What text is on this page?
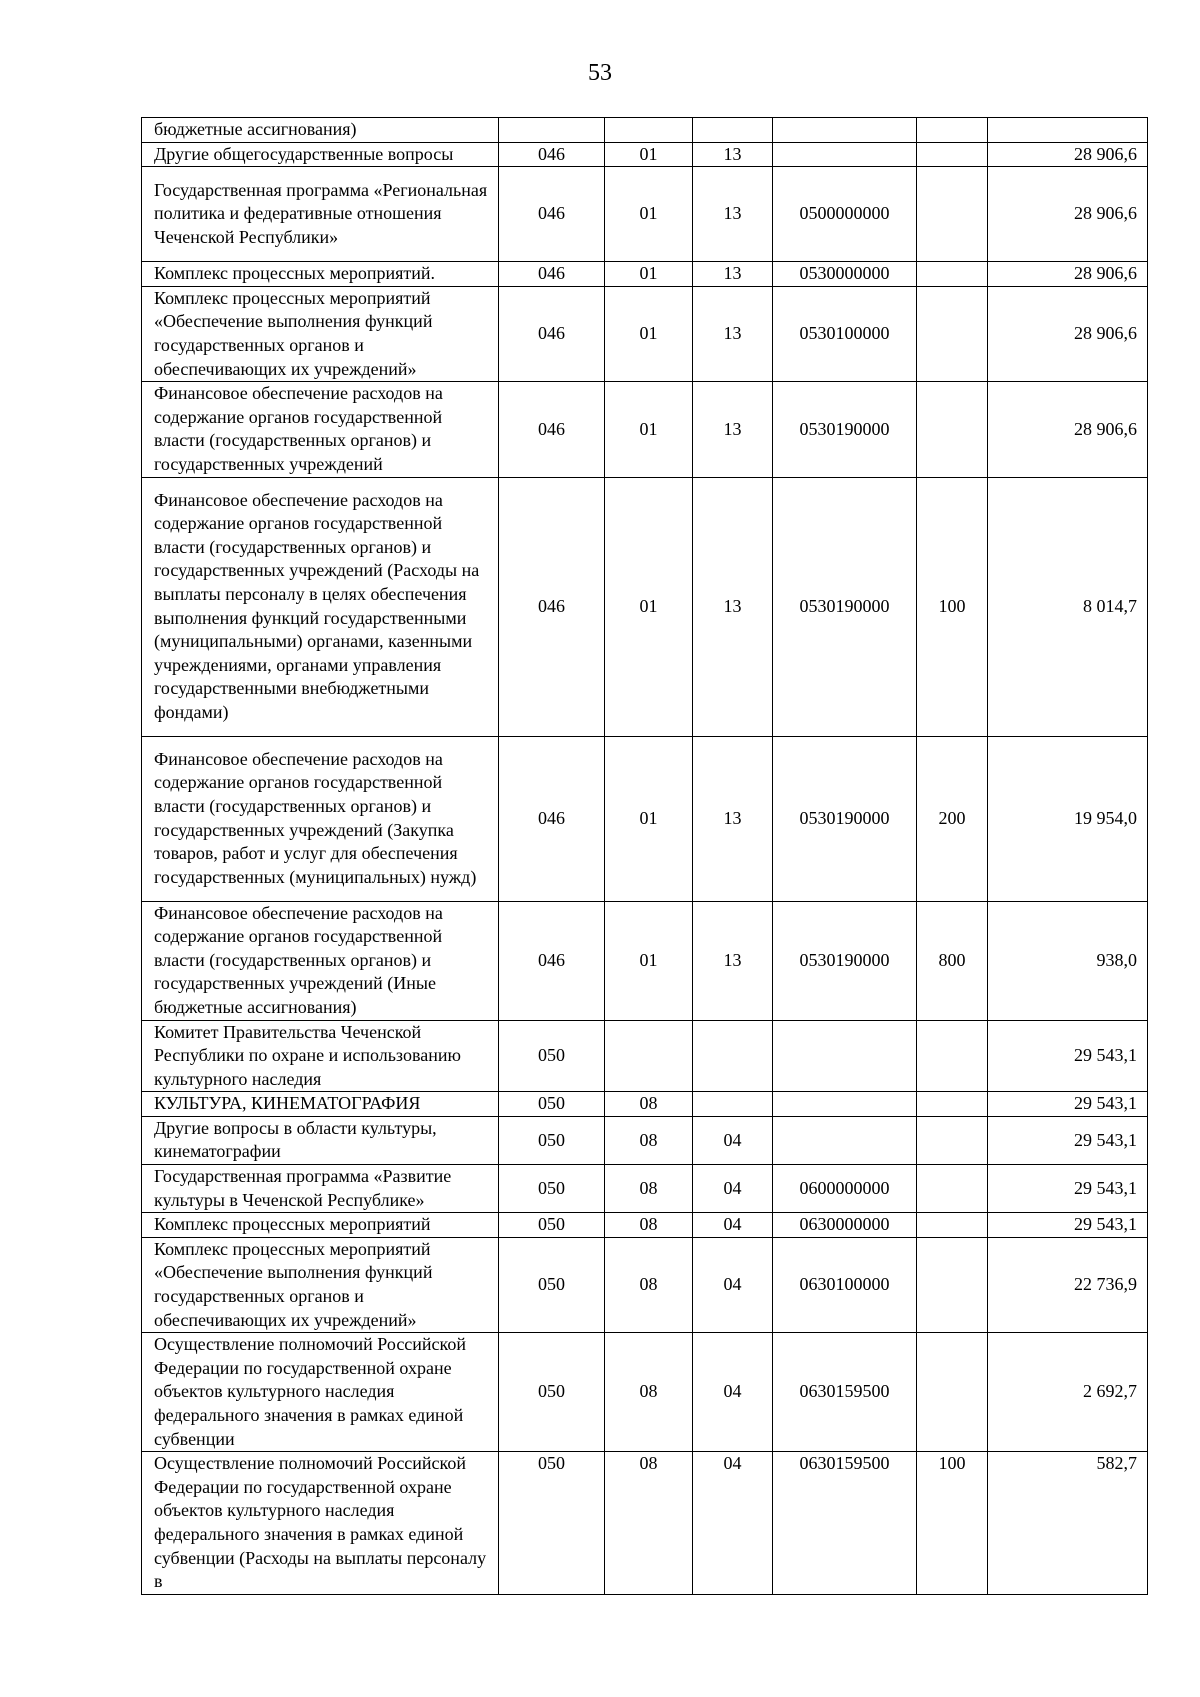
53
бюджетные ассигнования)						
Другие общегосударственные вопросы	046	01	13			28 906,6
Государственная программа «Региональная политика и федеративные отношения Чеченской Республики»	046	01	13	0500000000		28 906,6
Комплекс процессных мероприятий.	046	01	13	0530000000		28 906,6
Комплекс процессных мероприятий «Обеспечение выполнения функций государственных органов и обеспечивающих их учреждений»	046	01	13	0530100000		28 906,6
Финансовое обеспечение расходов на содержание органов государственной власти (государственных органов) и государственных учреждений	046	01	13	0530190000		28 906,6
Финансовое обеспечение расходов на содержание органов государственной власти (государственных органов) и государственных учреждений (Расходы на выплаты персоналу в целях обеспечения выполнения функций государственными (муниципальными) органами, казенными учреждениями, органами управления государственными внебюджетными фондами)	046	01	13	0530190000	100	8 014,7
Финансовое обеспечение расходов на содержание органов государственной власти (государственных органов) и государственных учреждений (Закупка товаров, работ и услуг для обеспечения государственных (муниципальных) нужд)	046	01	13	0530190000	200	19 954,0
Финансовое обеспечение расходов на содержание органов государственной власти (государственных органов) и государственных учреждений (Иные бюджетные ассигнования)	046	01	13	0530190000	800	938,0
Комитет Правительства Чеченской Республики по охране и использованию культурного наследия	050					29 543,1
КУЛЬТУРА, КИНЕМАТОГРАФИЯ	050	08				29 543,1
Другие вопросы в области культуры, кинематографии	050	08	04			29 543,1
Государственная программа «Развитие культуры в Чеченской Республике»	050	08	04	0600000000		29 543,1
Комплекс процессных мероприятий	050	08	04	0630000000		29 543,1
Комплекс процессных мероприятий «Обеспечение выполнения функций государственных органов и обеспечивающих их учреждений»	050	08	04	0630100000		22 736,9
Осуществление полномочий Российской Федерации по государственной охране объектов культурного наследия федерального значения в рамках единой субвенции	050	08	04	0630159500		2 692,7
Осуществление полномочий Российской Федерации по государственной охране объектов культурного наследия федерального значения в рамках единой субвенции (Расходы на выплаты персоналу в	050	08	04	0630159500	100	582,7
